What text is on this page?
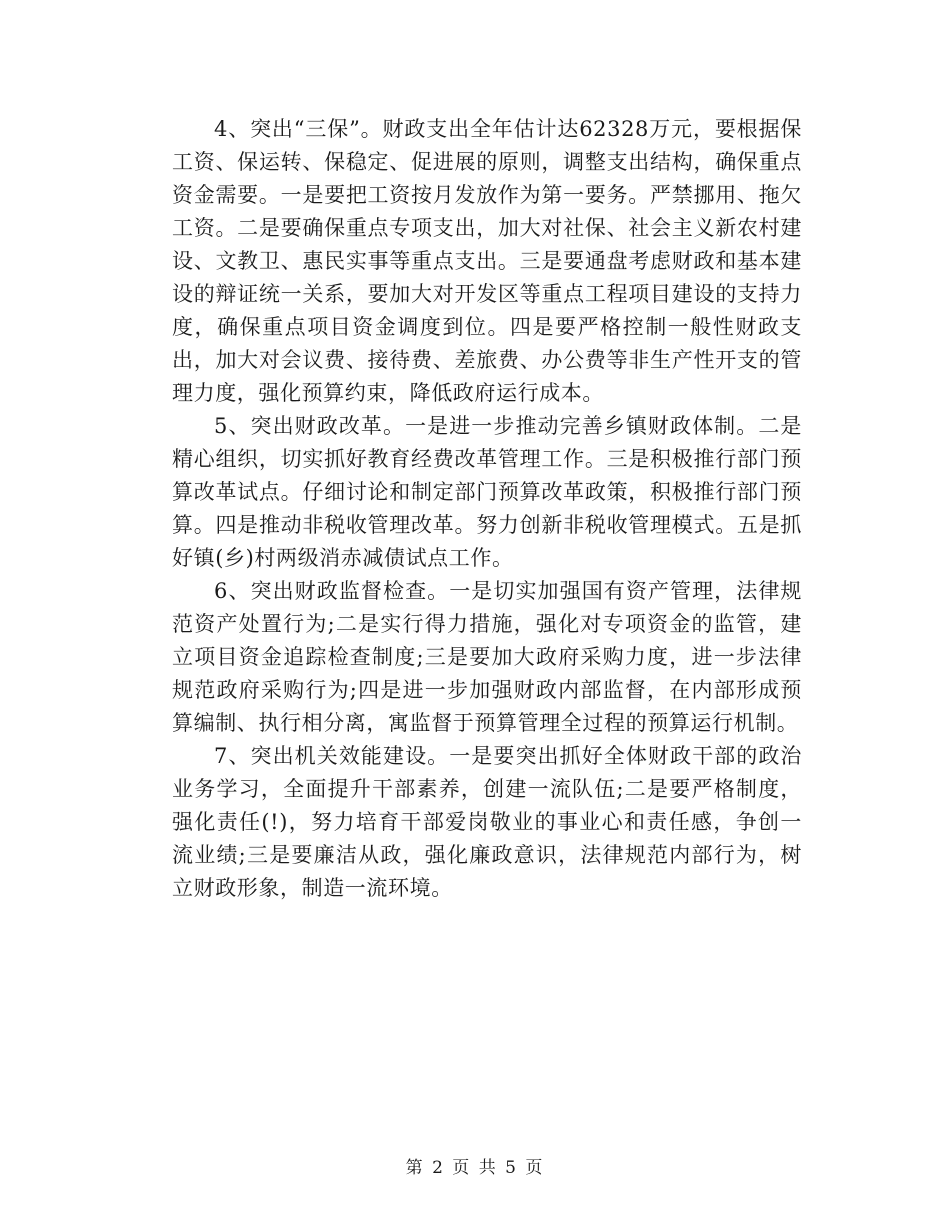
4、突出“三保”。财政支出全年估计达62328万元，要根据保工资、保运转、保稳定、促进展的原则，调整支出结构，确保重点资金需要。一是要把工资按月发放作为第一要务。严禁挪用、拖欠工资。二是要确保重点专项支出，加大对社保、社会主义新农村建设、文教卫、惠民实事等重点支出。三是要通盘考虑财政和基本建设的辩证统一关系，要加大对开发区等重点工程项目建设的支持力度，确保重点项目资金调度到位。四是要严格控制一般性财政支出，加大对会议费、接待费、差旅费、办公费等非生产性开支的管理力度，强化预算约束，降低政府运行成本。

5、突出财政改革。一是进一步推动完善乡镇财政体制。二是精心组织，切实抓好教育经费改革管理工作。三是积极推行部门预算改革试点。仔细讨论和制定部门预算改革政策，积极推行部门预算。四是推动非税收管理改革。努力创新非税收管理模式。五是抓好镇(乡)村两级消赤减债试点工作。

6、突出财政监督检查。一是切实加强国有资产管理，法律规范资产处置行为;二是实行得力措施，强化对专项资金的监管，建立项目资金追踪检查制度;三是要加大政府采购力度，进一步法律规范政府采购行为;四是进一步加强财政内部监督，在内部形成预算编制、执行相分离，寓监督于预算管理全过程的预算运行机制。

7、突出机关效能建设。一是要突出抓好全体财政干部的政治业务学习，全面提升干部素养，创建一流队伍;二是要严格制度，强化责任(!)，努力培育干部爱岗敬业的事业心和责任感，争创一流业绩;三是要廉洁从政，强化廉政意识，法律规范内部行为，树立财政形象，制造一流环境。

第 2 页 共 5 页
